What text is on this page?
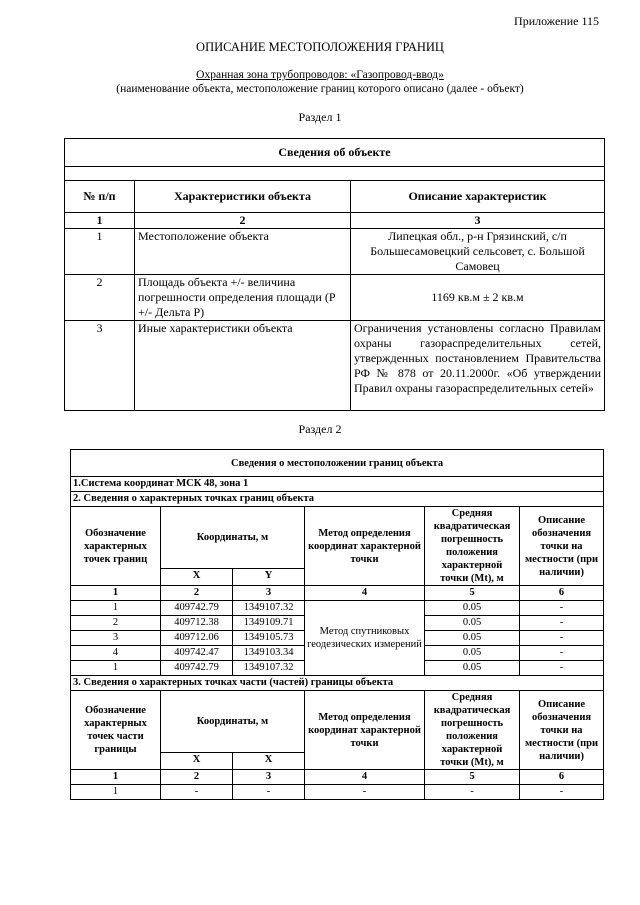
Приложение 115
ОПИСАНИЕ МЕСТОПОЛОЖЕНИЯ ГРАНИЦ
Охранная зона трубопроводов: «Газопровод-ввод»
(наименование объекта, местоположение границ которого описано (далее - объект)
Раздел 1
Сведения об объекте		

№ п/п	Характеристики объекта	Описание характеристик
1	2	3
1	Местоположение объекта	Липецкая обл., р-н Грязинский, с/п Большесамовецкий сельсовет, с. Большой Самовец
2	Площадь объекта +/- величина погрешности определения площади (Р +/- Дельта Р)	1169 кв.м ± 2 кв.м
3	Иные характеристики объекта	Ограничения установлены согласно Правилам охраны газораспределительных сетей, утвержденных постановлением Правительства РФ № 878 от 20.11.2000г. «Об утверждении Правил охраны газораспределительных сетей»
Раздел 2
Сведения о местоположении границ объекта					
1.Система координат МСК 48, зона 1					
2. Сведения о характерных точках границ объекта					
Обозначение характерных точек границ	Координаты, м		Метод определения координат характерной точки	Средняя квадратическая погрешность положения характерной точки (Mt), м	Описание обозначения точки на местности (при наличии)
	X	Y			
1	2	3	4	5	6
1	409742.79	1349107.32	Метод спутниковых геодезических измерений	0.05	-
2	409712.38	1349109.71		0.05	-
3	409712.06	1349105.73		0.05	-
4	409742.47	1349103.34		0.05	-
1	409742.79	1349107.32		0.05	-
3. Сведения о характерных точках части (частей) границы объекта					
Обозначение характерных точек части границы	Координаты, м		Метод определения координат характерной точки	Средняя квадратическая погрешность положения характерной точки (Mt), м	Описание обозначения точки на местности (при наличии)
	X	X			
1	2	3	4	5	6
1	-	-	-	-	-
